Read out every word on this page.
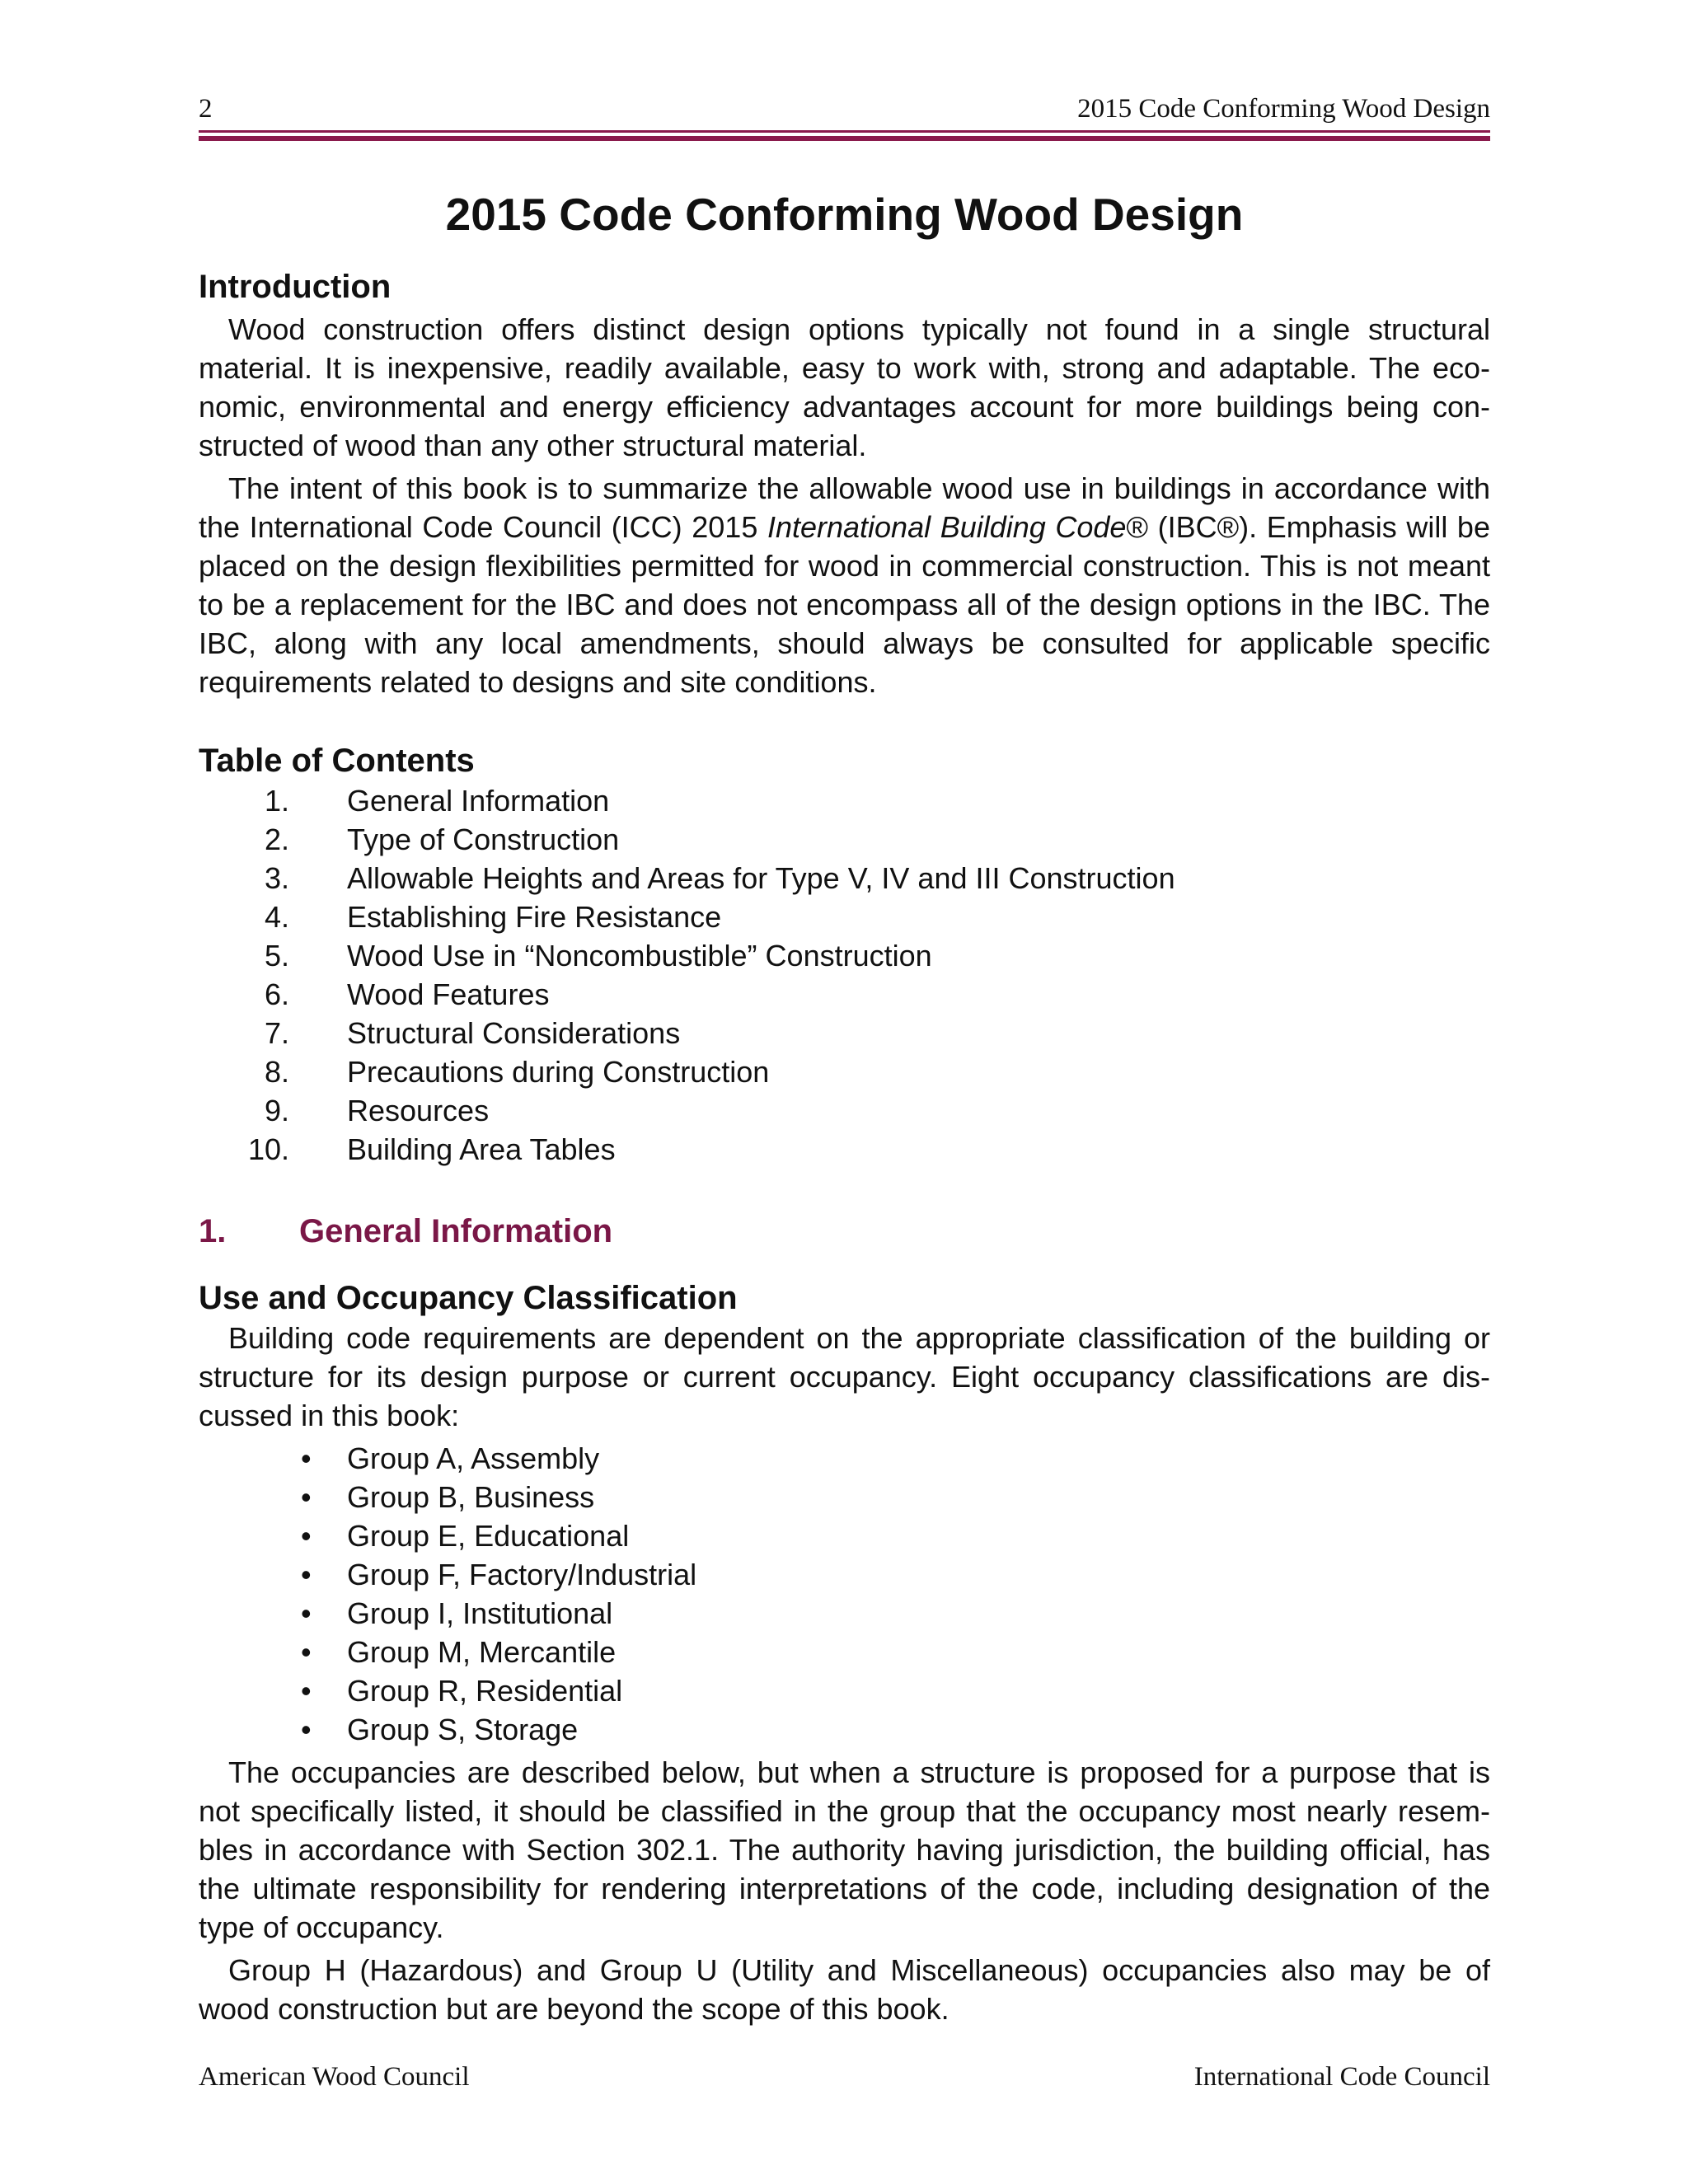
2	2015 Code Conforming Wood Design
2015 Code Conforming Wood Design
Introduction

Wood construction offers distinct design options typically not found in a single structural material. It is inexpensive, readily available, easy to work with, strong and adaptable. The economic, environmental and energy efficiency advantages account for more buildings being constructed of wood than any other structural material.

The intent of this book is to summarize the allowable wood use in buildings in accordance with the International Code Council (ICC) 2015 International Building Code® (IBC®). Emphasis will be placed on the design flexibilities permitted for wood in commercial construction. This is not meant to be a replacement for the IBC and does not encompass all of the design options in the IBC. The IBC, along with any local amendments, should always be consulted for applicable specific requirements related to designs and site conditions.

Table of Contents
1. General Information
2. Type of Construction
3. Allowable Heights and Areas for Type V, IV and III Construction
4. Establishing Fire Resistance
5. Wood Use in “Noncombustible” Construction
6. Wood Features
7. Structural Considerations
8. Precautions during Construction
9. Resources
10. Building Area Tables
1. General Information
Use and Occupancy Classification

Building code requirements are dependent on the appropriate classification of the building or structure for its design purpose or current occupancy. Eight occupancy classifications are discussed in this book:

• Group A, Assembly
• Group B, Business
• Group E, Educational
• Group F, Factory/Industrial
• Group I, Institutional
• Group M, Mercantile
• Group R, Residential
• Group S, Storage

The occupancies are described below, but when a structure is proposed for a purpose that is not specifically listed, it should be classified in the group that the occupancy most nearly resembles in accordance with Section 302.1. The authority having jurisdiction, the building official, has the ultimate responsibility for rendering interpretations of the code, including designation of the type of occupancy.

Group H (Hazardous) and Group U (Utility and Miscellaneous) occupancies also may be of wood construction but are beyond the scope of this book.

American Wood Council	International Code Council
